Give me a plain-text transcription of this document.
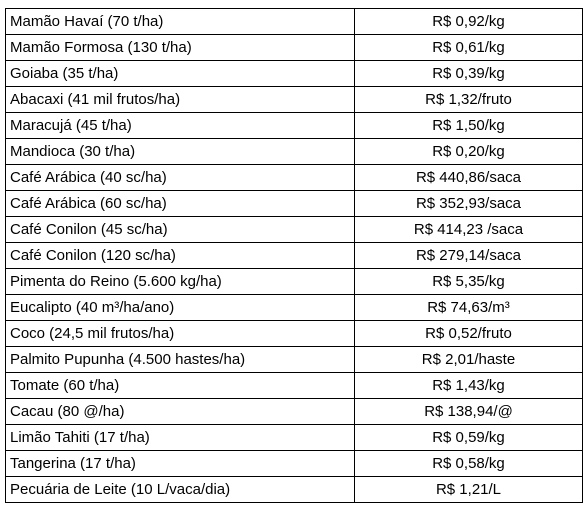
Mamão Havaí (70 t/ha)	R$ 0,92/kg
Mamão Formosa (130 t/ha)	R$ 0,61/kg
Goiaba (35 t/ha)	R$ 0,39/kg
Abacaxi (41 mil frutos/ha)	R$ 1,32/fruto
Maracujá (45 t/ha)	R$ 1,50/kg
Mandioca (30 t/ha)	R$ 0,20/kg
Café Arábica (40 sc/ha)	R$ 440,86/saca
Café Arábica (60 sc/ha)	R$ 352,93/saca
Café Conilon (45 sc/ha)	R$ 414,23 /saca
Café Conilon (120 sc/ha)	R$ 279,14/saca
Pimenta do Reino (5.600 kg/ha)	R$ 5,35/kg
Eucalipto (40 m³/ha/ano)	R$ 74,63/m³
Coco (24,5 mil frutos/ha)	R$ 0,52/fruto
Palmito Pupunha (4.500 hastes/ha)	R$ 2,01/haste
Tomate (60 t/ha)	R$ 1,43/kg
Cacau (80 @/ha)	R$ 138,94/@
Limão Tahiti (17 t/ha)	R$ 0,59/kg
Tangerina (17 t/ha)	R$ 0,58/kg
Pecuária de Leite (10 L/vaca/dia)	R$ 1,21/L
